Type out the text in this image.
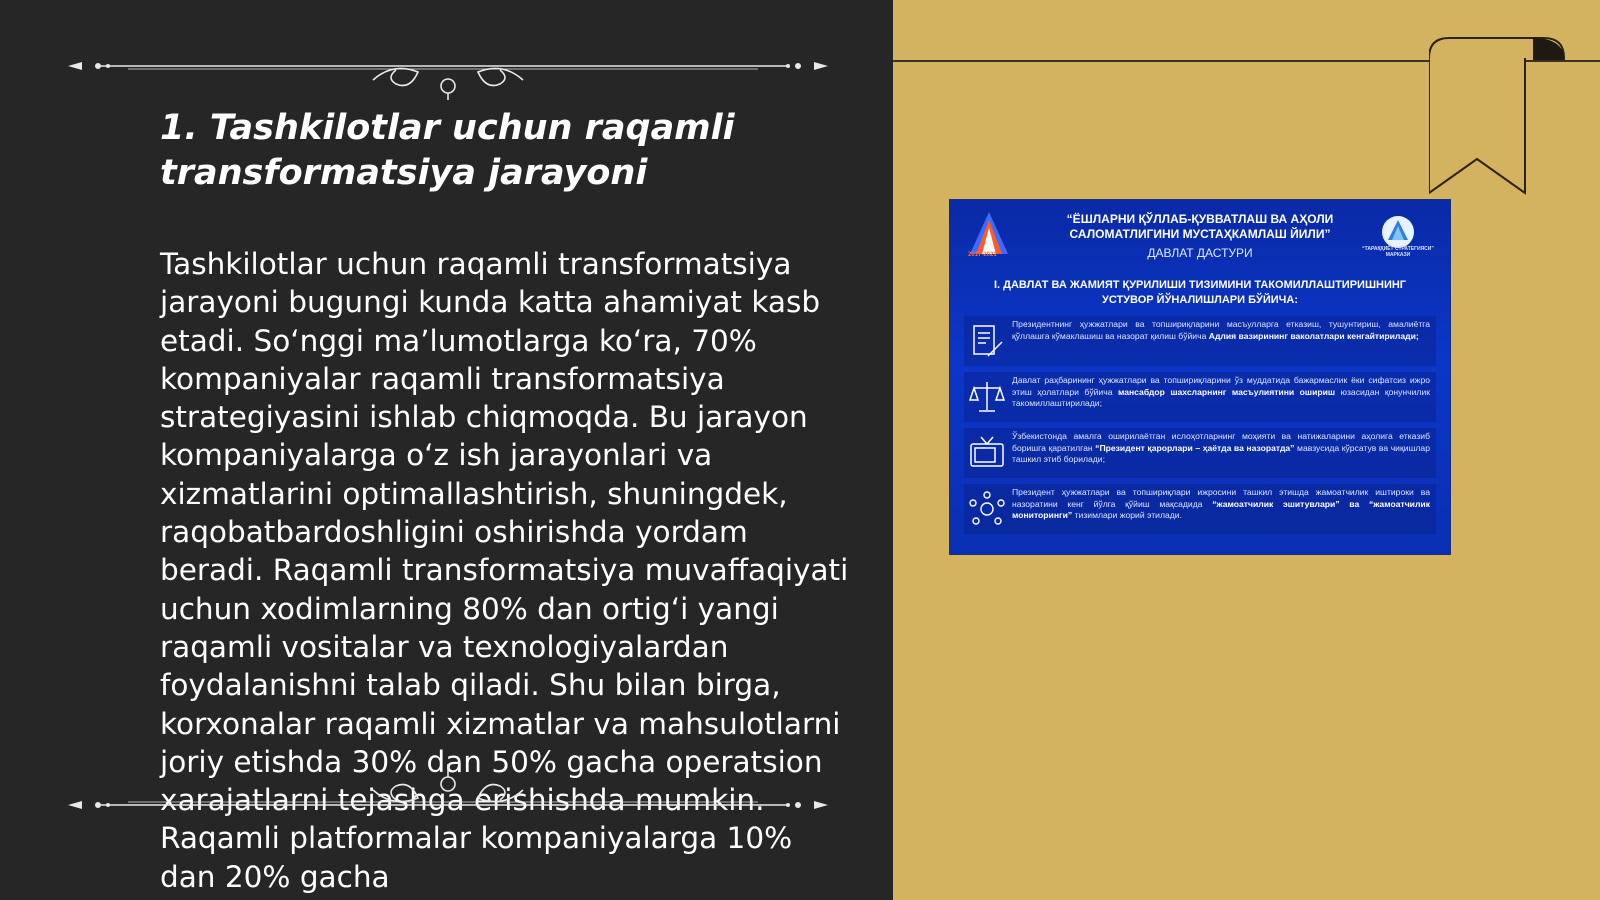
1. Tashkilotlar uchun raqamli transformatsiya jarayoni

Tashkilotlar uchun raqamli transformatsiya jarayoni bugungi kunda katta ahamiyat kasb etadi. So‘nggi ma’lumotlarga ko‘ra, 70% kompaniyalar raqamli transformatsiya strategiyasini ishlab chiqmoqda. Bu jarayon kompaniyalarga o‘z ish jarayonlari va xizmatlarini optimallashtirish, shuningdek, raqobatbardoshligini oshirishda yordam beradi. Raqamli transformatsiya muvaffaqiyati uchun xodimlarning 80% dan ortig‘i yangi raqamli vositalar va texnologiyalardan foydalanishni talab qiladi. Shu bilan birga, korxonalar raqamli xizmatlar va mahsulotlarni joriy etishda 30% dan 50% gacha operatsion xarajatlarni tejashga erishishda mumkin. Raqamli platformalar kompaniyalarga 10% dan 20% gacha

2017-2021
“ТАРАҚҚИЁТ СТРАТЕГИЯСИ” МАРКАЗИ
“ЁШЛАРНИ ҚЎЛЛАБ-ҚУВВАТЛАШ ВА АҲОЛИ САЛОМАТЛИГИНИ МУСТАҲКАМЛАШ ЙИЛИ”
ДАВЛАТ ДАСТУРИ
I. ДАВЛАТ ВА ЖАМИЯТ ҚУРИЛИШИ ТИЗИМИНИ ТАКОМИЛЛАШТИРИШНИНГ УСТУВОР ЙЎНАЛИШЛАРИ БЎЙИЧА:
Президентнинг ҳужжатлари ва топшириқларини масъулларга етказиш, тушунтириш, амалиётга қўллашга кўмаклашиш ва назорат қилиш бўйича Адлия вазирининг ваколатлари кенгайтирилади;
Давлат раҳбарининг ҳужжатлари ва топшириқларини ўз муддатида бажармаслик ёки сифатсиз ижро этиш ҳолатлари бўйича мансабдор шахсларнинг масъулиятини ошириш юзасидан қонунчилик такомиллаштирилади;
Ўзбекистонда амалга оширилаётган ислоҳотларнинг моҳияти ва натижаларини аҳолига етказиб боришга қаратилган “Президент қарорлари – ҳаётда ва назоратда” мавзусида кўрсатув ва чиқишлар ташкил этиб борилади;
Президент ҳужжатлари ва топшириқлари ижросини ташкил этишда жамоатчилик иштироки ва назоратини кенг йўлга қўйиш мақсадида “жамоатчилик эшитувлари” ва “жамоатчилик мониторинги” тизимлари жорий этилади.
